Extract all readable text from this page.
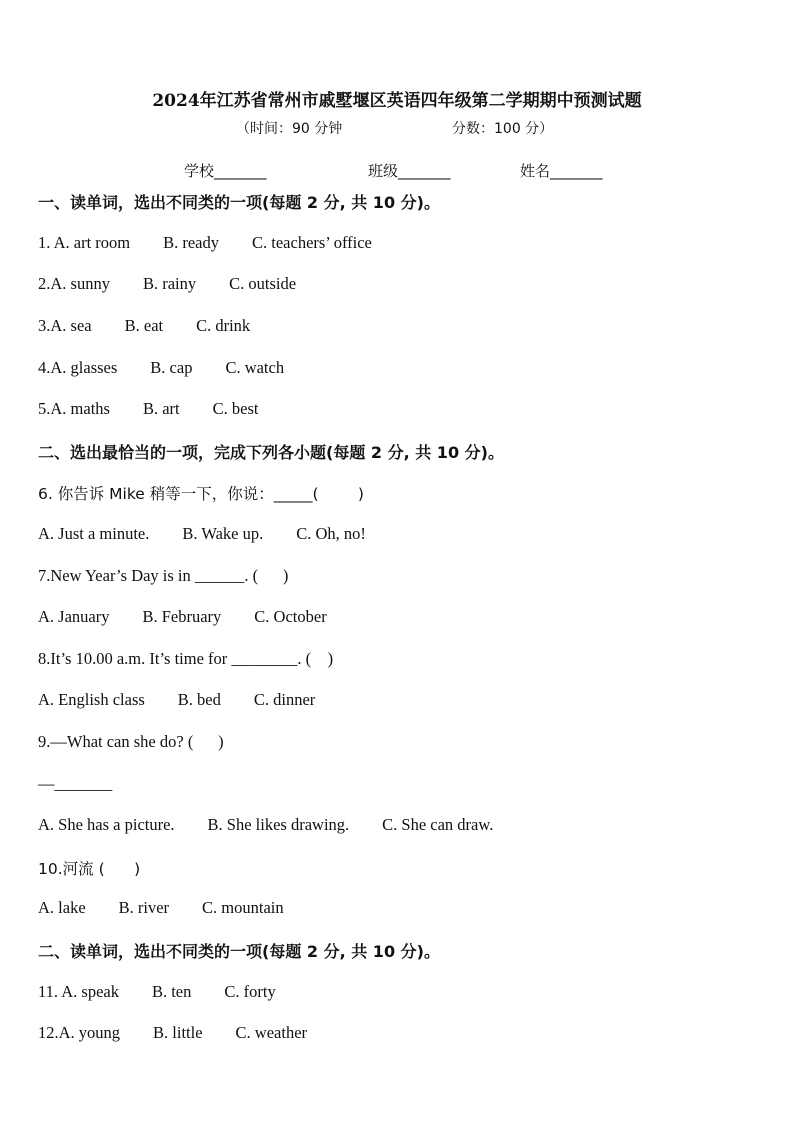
2024年江苏省常州市戚墅堰区英语四年级第二学期期中预测试题
（时间：90 分钟	分数：100 分）
学校_______	班级_______	姓名_______
一、读单词，选出不同类的一项(每题 2 分, 共 10 分)。
1. A. art room        B. ready        C. teachers’ office
2.A. sunny        B. rainy        C. outside
3.A. sea        B. eat        C. drink
4.A. glasses        B. cap        C. watch
5.A. maths        B. art        C. best
二、选出最恰当的一项，完成下列各小题(每题 2 分, 共 10 分)。
6. 你告诉 Mike 稍等一下，你说：_____(        )
A. Just a minute.        B. Wake up.        C. Oh, no!
7.New Year’s Day is in ______. (      )
A. January        B. February        C. October
8.It’s 10.00 a.m. It’s time for ________. (    )
A. English class        B. bed        C. dinner
9.—What can she do? (      )
—_______
A. She has a picture.        B. She likes drawing.        C. She can draw.
10.河流 (      )
A. lake        B. river        C. mountain
二、读单词，选出不同类的一项(每题 2 分, 共 10 分)。
11. A. speak        B. ten        C. forty
12.A. young        B. little        C. weather
